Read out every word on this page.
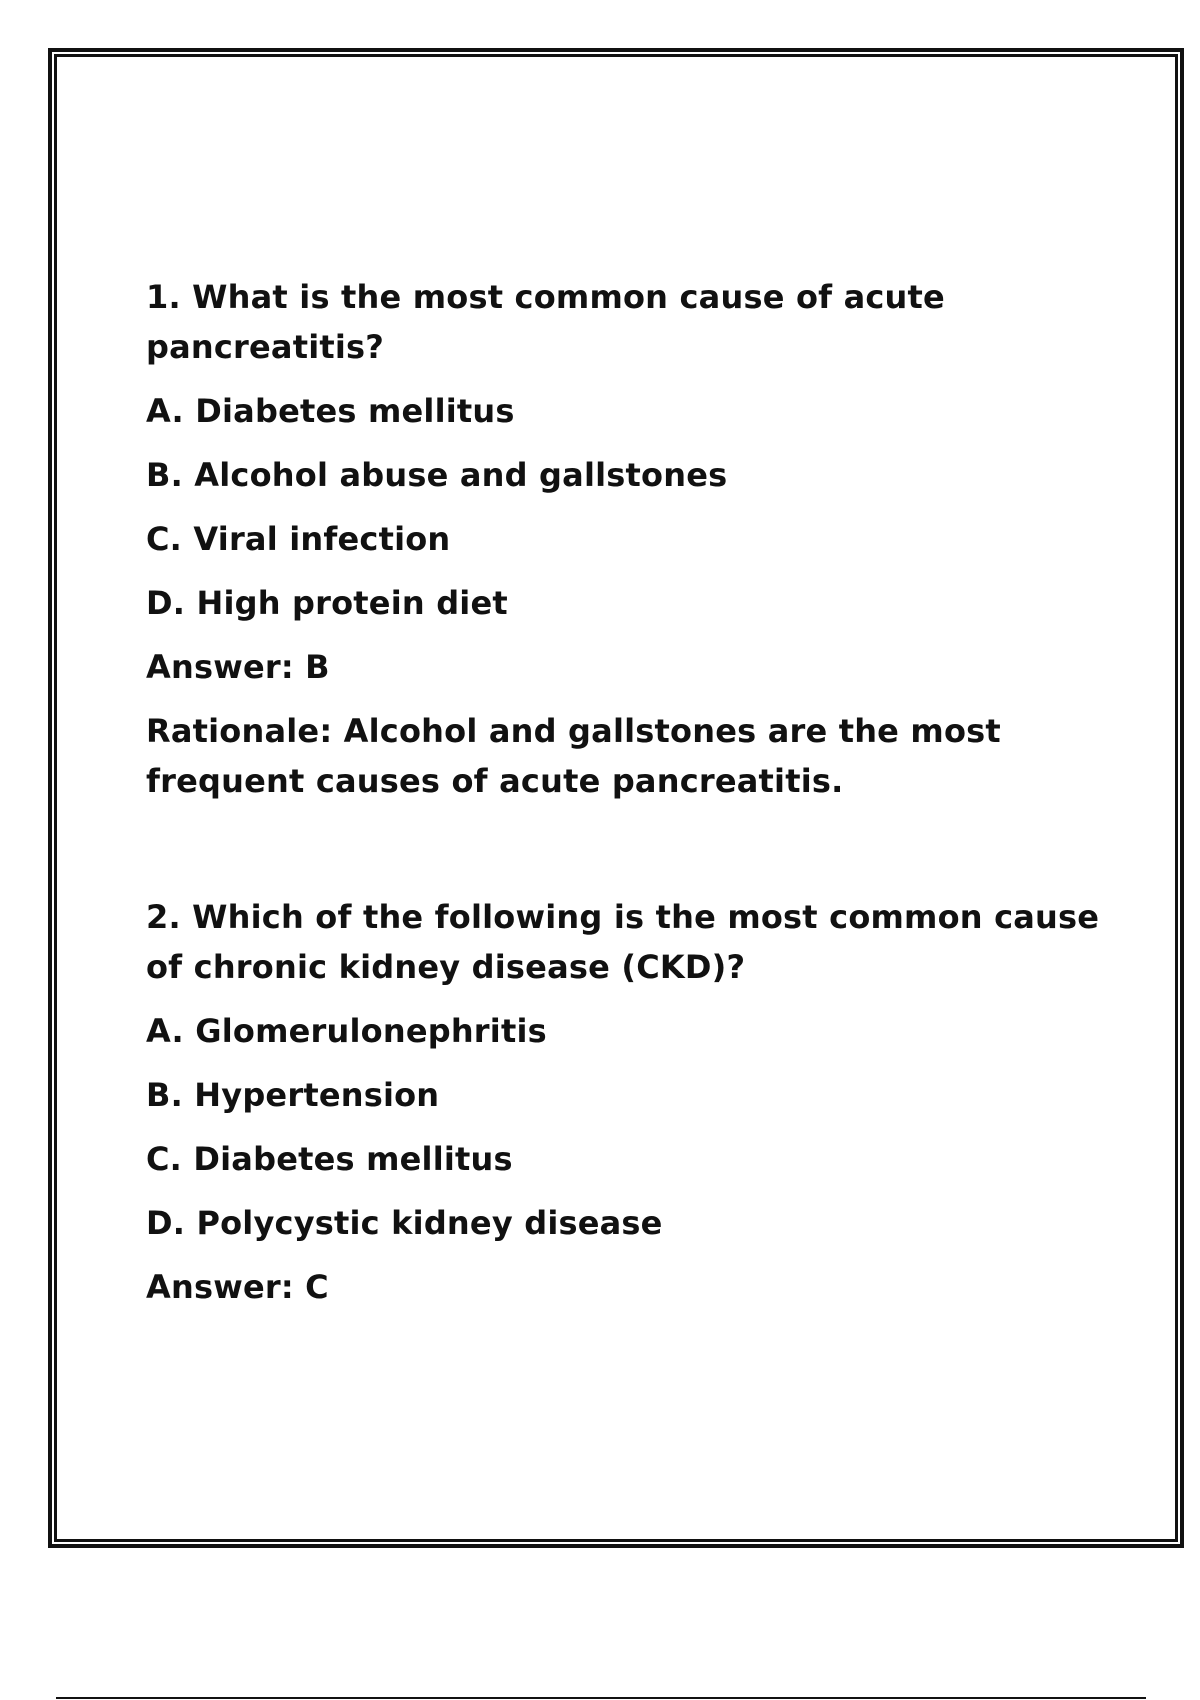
1. What is the most common cause of acute pancreatitis?

A. Diabetes mellitus

B. Alcohol abuse and gallstones

C. Viral infection

D. High protein diet

Answer: B

Rationale: Alcohol and gallstones are the most frequent causes of acute pancreatitis.

2. Which of the following is the most common cause of chronic kidney disease (CKD)?

A. Glomerulonephritis

B. Hypertension

C. Diabetes mellitus

D. Polycystic kidney disease

Answer: C
